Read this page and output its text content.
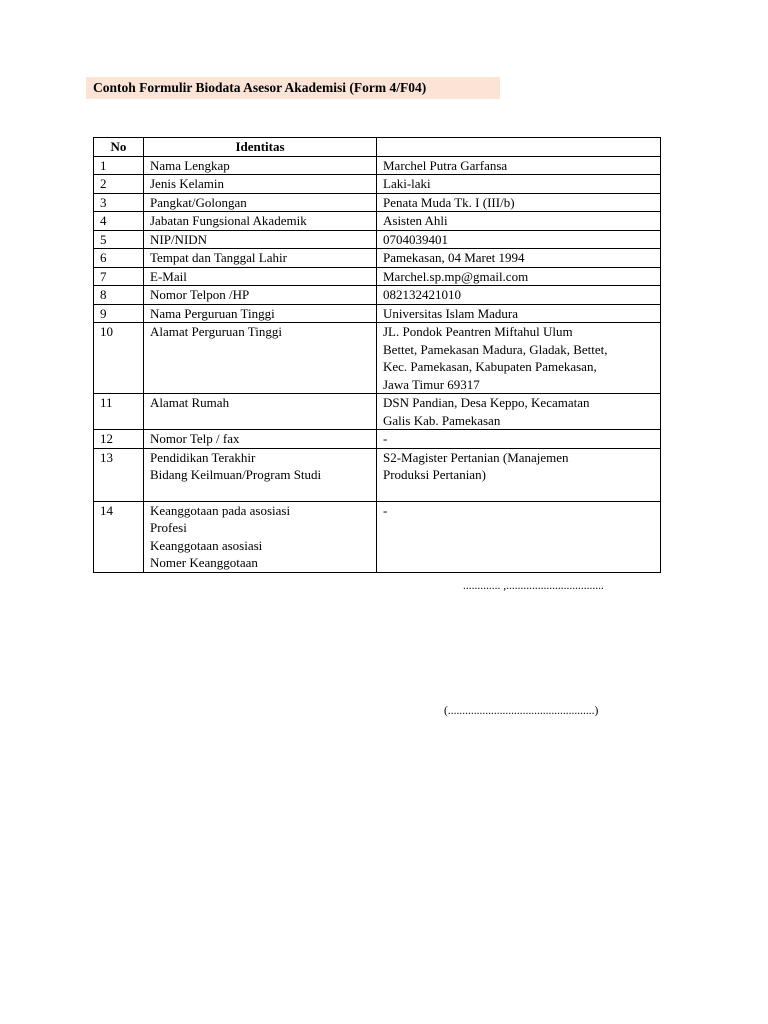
Contoh Formulir Biodata Asesor Akademisi (Form 4/F04)
No	Identitas	
1	Nama Lengkap	Marchel Putra Garfansa

2	Jenis Kelamin	Laki-laki

3	Pangkat/Golongan	Penata Muda Tk. I (III/b)

4	Jabatan Fungsional Akademik	Asisten Ahli

5	NIP/NIDN	0704039401

6	Tempat dan Tanggal Lahir	Pamekasan, 04 Maret 1994

7	E-Mail	Marchel.sp.mp@gmail.com

8	Nomor Telpon /HP	082132421010

9	Nama Perguruan Tinggi	Universitas Islam Madura

10	Alamat Perguruan Tinggi	JL. Pondok Peantren Miftahul Ulum
Bettet, Pamekasan Madura, Gladak, Bettet,
Kec. Pamekasan, Kabupaten Pamekasan,
Jawa Timur 69317

11	Alamat Rumah	DSN Pandian, Desa Keppo, Kecamatan
Galis Kab. Pamekasan

12	Nomor Telp / fax	-

13	Pendidikan Terakhir
Bidang Keilmuan/Program Studi	S2-Magister Pertanian (Manajemen
Produksi Pertanian)

14	Keanggotaan pada asosiasi
Profesi
Keanggotaan asosiasi
Nomer Keanggotaan	-
............. ,..................................
(...................................................)
